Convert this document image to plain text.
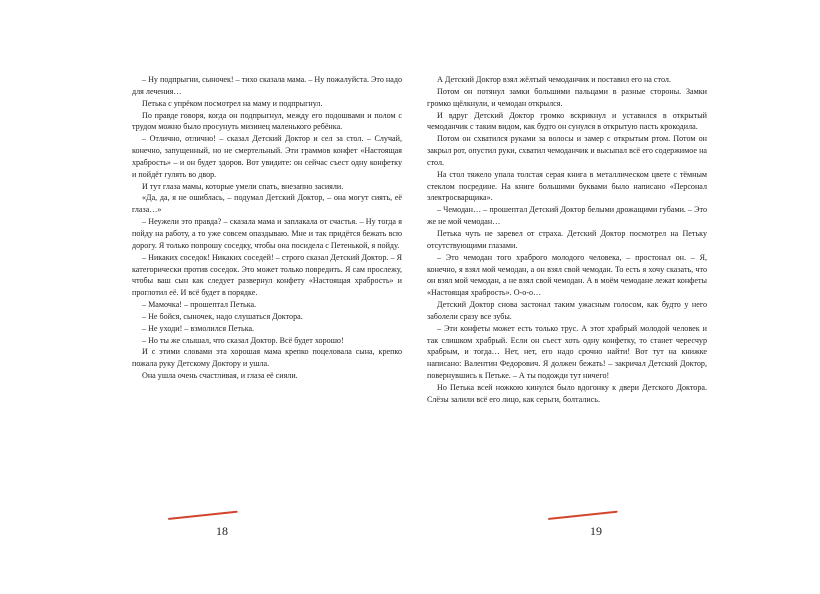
– Ну подпрыгни, сыночек! – тихо сказала мама. – Ну пожалуйста. Это надо для лечения…

Петька с упрёком посмотрел на маму и подпрыгнул.

По правде говоря, когда он подпрыгнул, между его подошвами и полом с трудом можно было просунуть мизинец маленького ребёнка.

– Отлично, отлично! – сказал Детский Доктор и сел за стол. – Случай, конечно, запущенный, но не смертельный. Эти граммов конфет «Настоящая храбрость» – и он будет здоров. Вот увидите: он сейчас съест одну конфетку и пойдёт гулять во двор.

И тут глаза мамы, которые умели спать, внезапно засияли.

«Да, да, я не ошиблась, – подумал Детский Доктор, – она могут сиять, её глаза…»

– Неужели это правда? – сказала мама и заплакала от счастья. – Ну тогда я пойду на работу, а то уже совсем опаздываю. Мне и так придётся бежать всю дорогу. Я только попрошу соседку, чтобы она посидела с Петенькой, я пойду.

– Никаких соседок! Никаких соседей! – строго сказал Детский Доктор. – Я категорически против соседок. Это может только повредить. Я сам прослежу, чтобы ваш сын как следует развернул конфету «Настоящая храбрость» и проглотил её. И всё будет в порядке.

– Мамочка! – прошептал Петька.

– Не бойся, сыночек, надо слушаться Доктора.

– Не уходи! – взмолился Петька.

– Но ты же слышал, что сказал Доктор. Всё будет хорошо!

И с этими словами эта хорошая мама крепко поцеловала сына, крепко пожала руку Детскому Доктору и ушла.

Она ушла очень счастливая, и глаза её сияли.

18

А Детский Доктор взял жёлтый чемоданчик и поставил его на стол.

Потом он потянул замки большими пальцами в разные стороны. Замки громко щёлкнули, и чемодан открылся.

И вдруг Детский Доктор громко вскрикнул и уставился в открытый чемоданчик с таким видом, как будто он сунулся в открытую пасть крокодила.

Потом он схватился руками за волосы и замер с открытым ртом. Потом он закрыл рот, опустил руки, схватил чемоданчик и высыпал всё его содержимое на стол.

На стол тяжело упала толстая серая книга в металлическом цвете с тёмным стеклом посредине. На книге большими буквами было написано «Персонал электросварщика».

– Чемодан… – прошептал Детский Доктор белыми дрожащими губами. – Это же не мой чемодан…

Петька чуть не заревел от страха. Детский Доктор посмотрел на Петьку отсутствующими глазами.

– Это чемодан того храброго молодого человека, – простонал он. – Я, конечно, я взял мой чемодан, а он взял свой чемодан. То есть я хочу сказать, что он взял мой чемодан, а не взял свой чемодан. А в моём чемодане лежат конфеты «Настоящая храбрость». О-о-о…

Детский Доктор снова застонал таким ужасным голосом, как будто у него заболели сразу все зубы.

– Эти конфеты может есть только трус. А этот храбрый молодой человек и так слишком храбрый. Если он съест хоть одну конфетку, то станет чересчур храбрым, и тогда… Нет, нет, его надо срочно найти! Вот тут на книжке написано: Валентин Федорович. Я должен бежать! – закричал Детский Доктор, повернувшись к Петьке. – А ты подожди тут ничего!

Но Петька всей ножкою кинулся было вдогонку к двери Детского Доктора. Слёзы залили всё его лицо, как серьги, болтались.

19
